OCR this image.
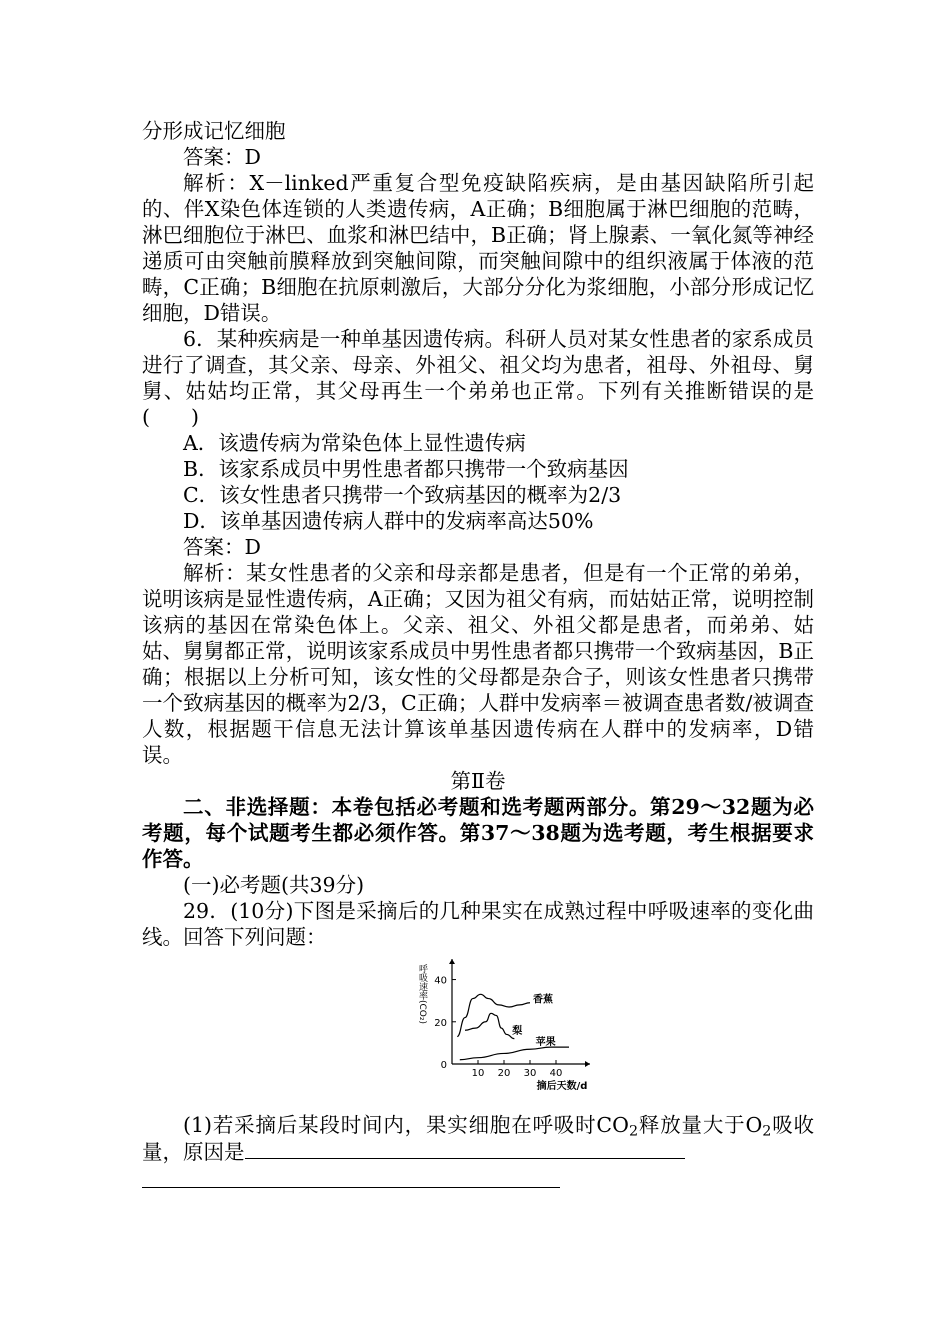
分形成记忆细胞

答案：D

解析：X－linked严重复合型免疫缺陷疾病，是由基因缺陷所引起的、伴X染色体连锁的人类遗传病，A正确；B细胞属于淋巴细胞的范畴，淋巴细胞位于淋巴、血浆和淋巴结中，B正确；肾上腺素、一氧化氮等神经递质可由突触前膜释放到突触间隙，而突触间隙中的组织液属于体液的范畴，C正确；B细胞在抗原刺激后，大部分分化为浆细胞，小部分形成记忆细胞，D错误。

6．某种疾病是一种单基因遗传病。科研人员对某女性患者的家系成员进行了调查，其父亲、母亲、外祖父、祖父均为患者，祖母、外祖母、舅舅、姑姑均正常，其父母再生一个弟弟也正常。下列有关推断错误的是(　　)

A．该遗传病为常染色体上显性遗传病

B．该家系成员中男性患者都只携带一个致病基因

C．该女性患者只携带一个致病基因的概率为2/3

D．该单基因遗传病人群中的发病率高达50%

答案：D

解析：某女性患者的父亲和母亲都是患者，但是有一个正常的弟弟，说明该病是显性遗传病，A正确；又因为祖父有病，而姑姑正常，说明控制该病的基因在常染色体上。父亲、祖父、外祖父都是患者，而弟弟、姑姑、舅舅都正常，说明该家系成员中男性患者都只携带一个致病基因，B正确；根据以上分析可知，该女性的父母都是杂合子，则该女性患者只携带一个致病基因的概率为2/3，C正确；人群中发病率＝被调查患者数/被调查人数，根据题干信息无法计算该单基因遗传病在人群中的发病率，D错误。

第Ⅱ卷

二、非选择题：本卷包括必考题和选考题两部分。第29～32题为必考题，每个试题考生都必须作答。第37～38题为选考题，考生根据要求作答。

(一)必考题(共39分)

29．(10分)下图是采摘后的几种果实在成熟过程中呼吸速率的变化曲线。回答下列问题：

0
20
40
10 20 30 40
摘后天数/d
呼吸速率(CO₂)	香蕉
梨
苹果

(1)若采摘后某段时间内，果实细胞在呼吸时$CO_2$释放量大于$O_2$吸收量，原因是
